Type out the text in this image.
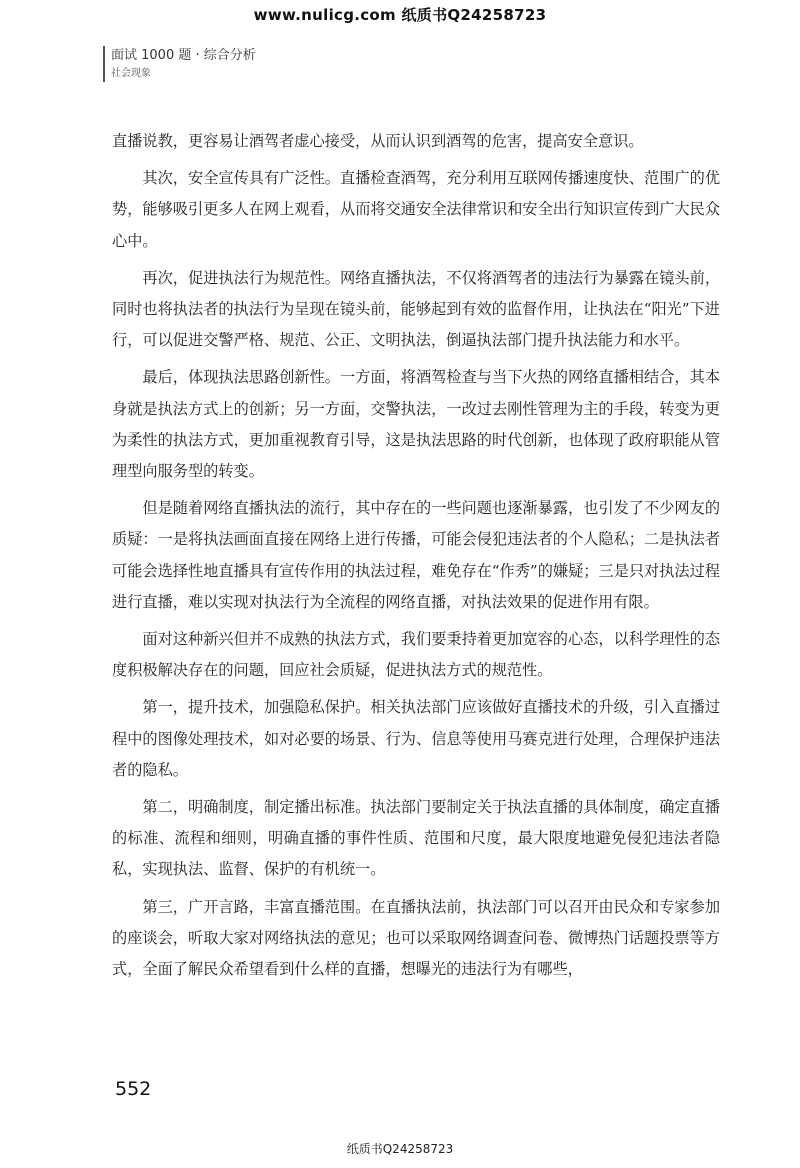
www.nulicg.com 纸质书Q24258723
面试 1000 题 · 综合分析
社会现象

直播说教，更容易让酒驾者虚心接受，从而认识到酒驾的危害，提高安全意识。

其次，安全宣传具有广泛性。直播检查酒驾，充分利用互联网传播速度快、范围广的优势，能够吸引更多人在网上观看，从而将交通安全法律常识和安全出行知识宣传到广大民众心中。

再次，促进执法行为规范性。网络直播执法，不仅将酒驾者的违法行为暴露在镜头前，同时也将执法者的执法行为呈现在镜头前，能够起到有效的监督作用，让执法在“阳光”下进行，可以促进交警严格、规范、公正、文明执法，倒逼执法部门提升执法能力和水平。

最后，体现执法思路创新性。一方面，将酒驾检查与当下火热的网络直播相结合，其本身就是执法方式上的创新；另一方面，交警执法，一改过去刚性管理为主的手段，转变为更为柔性的执法方式，更加重视教育引导，这是执法思路的时代创新，也体现了政府职能从管理型向服务型的转变。

但是随着网络直播执法的流行，其中存在的一些问题也逐渐暴露，也引发了不少网友的质疑：一是将执法画面直接在网络上进行传播，可能会侵犯违法者的个人隐私；二是执法者可能会选择性地直播具有宣传作用的执法过程，难免存在“作秀”的嫌疑；三是只对执法过程进行直播，难以实现对执法行为全流程的网络直播，对执法效果的促进作用有限。

面对这种新兴但并不成熟的执法方式，我们要秉持着更加宽容的心态，以科学理性的态度积极解决存在的问题，回应社会质疑，促进执法方式的规范性。

第一，提升技术，加强隐私保护。相关执法部门应该做好直播技术的升级，引入直播过程中的图像处理技术，如对必要的场景、行为、信息等使用马赛克进行处理，合理保护违法者的隐私。

第二，明确制度，制定播出标准。执法部门要制定关于执法直播的具体制度，确定直播的标准、流程和细则，明确直播的事件性质、范围和尺度，最大限度地避免侵犯违法者隐私，实现执法、监督、保护的有机统一。

第三，广开言路，丰富直播范围。在直播执法前，执法部门可以召开由民众和专家参加的座谈会，听取大家对网络执法的意见；也可以采取网络调查问卷、微博热门话题投票等方式，全面了解民众希望看到什么样的直播，想曝光的违法行为有哪些，

552
纸质书Q24258723
